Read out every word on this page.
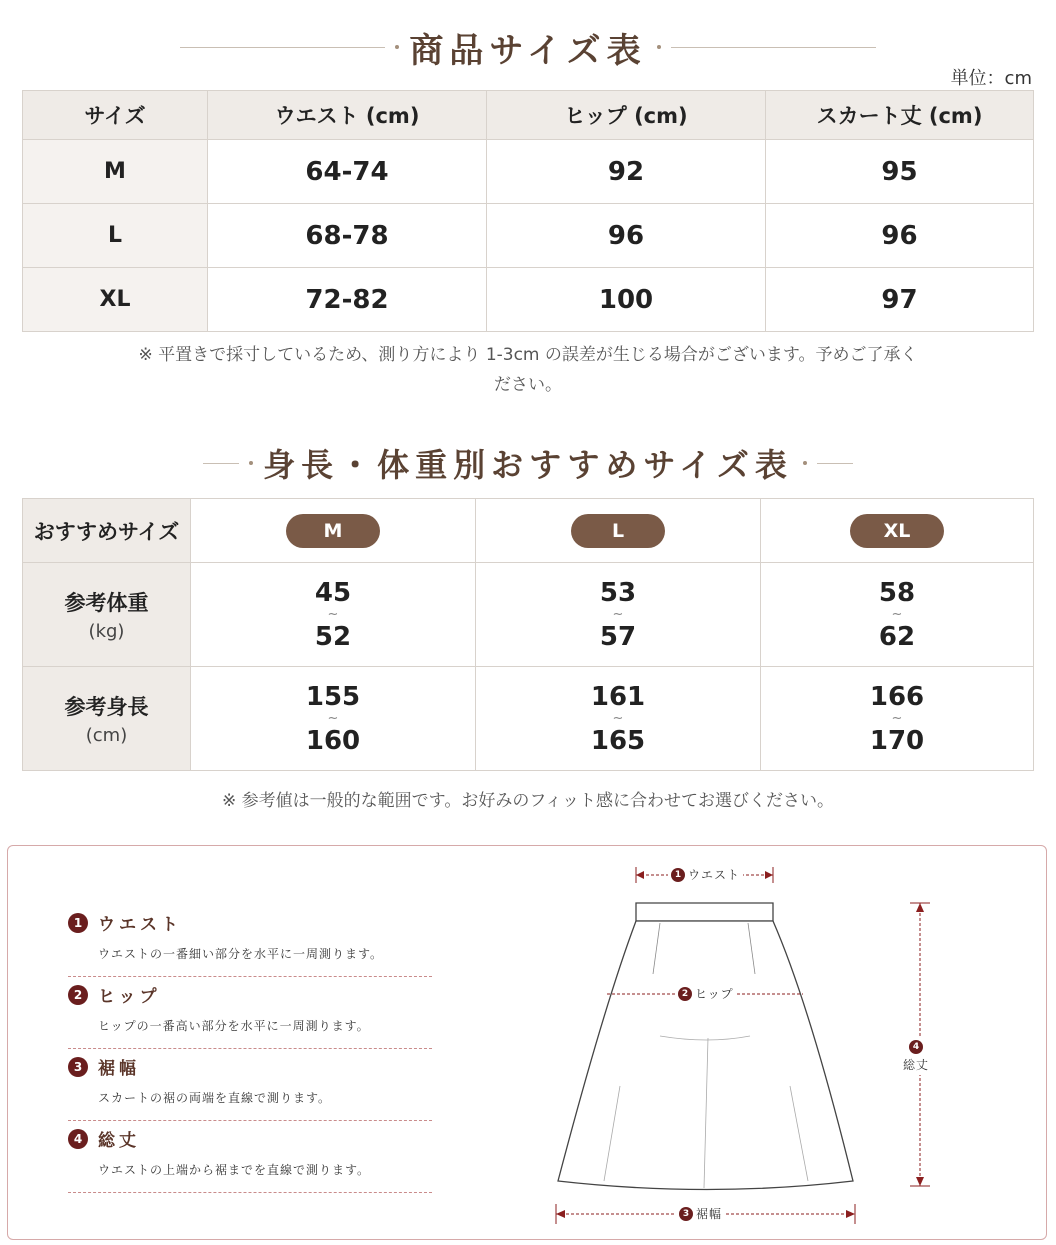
商品サイズ表
単位：cm
サイズ	ウエスト (cm)	ヒップ (cm)	スカート丈 (cm)
M	64-74	92	95
L	68-78	96	96
XL	72-82	100	97
※ 平置きで採寸しているため、測り方により 1-3cm の誤差が生じる場合がございます。予めご了承く
ださい。
身長・体重別おすすめサイズ表
おすすめサイズ	M	L	XL
参考体重
(kg)	45
~
52	53
~
57	58
~
62
参考身長
(cm)	155
~
160	161
~
165	166
~
170
※ 参考値は一般的な範囲です。お好みのフィット感に合わせてお選びください。
1 ウエスト
ウエストの一番細い部分を水平に一周測ります。
2 ヒップ
ヒップの一番高い部分を水平に一周測ります。
3 裾幅
スカートの裾の両端を直線で測ります。
4 総丈
ウエストの上端から裾までを直線で測ります。
1 ウエスト
2 ヒップ
3 裾幅
4
総丈
